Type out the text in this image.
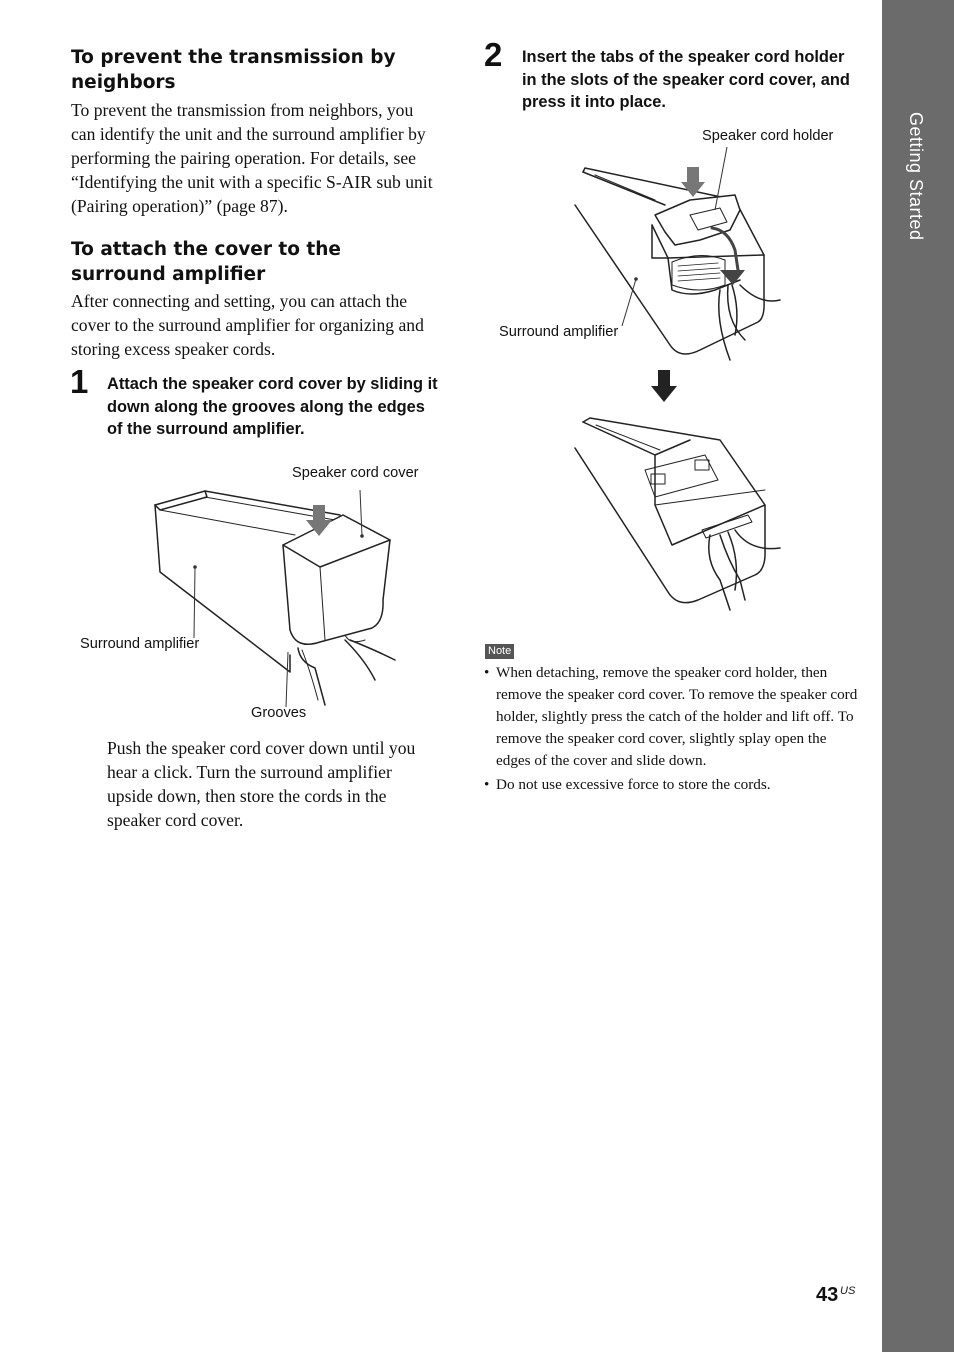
Getting Started
To prevent the transmission by neighbors

To prevent the transmission from neighbors, you can identify the unit and the surround amplifier by performing the pairing operation. For details, see “Identifying the unit with a specific S-AIR sub unit (Pairing operation)” (page 87).

To attach the cover to the surround amplifier

After connecting and setting, you can attach the cover to the surround amplifier for organizing and storing excess speaker cords.

1 Attach the speaker cord cover by sliding it down along the grooves along the edges of the surround amplifier.

Speaker cord cover
Surround amplifier
Grooves

Push the speaker cord cover down until you hear a click. Turn the surround amplifier upside down, then store the cords in the speaker cord cover.

2 Insert the tabs of the speaker cord holder in the slots of the speaker cord cover, and press it into place.

Speaker cord holder
Surround amplifier
Note
• When detaching, remove the speaker cord holder, then remove the speaker cord cover. To remove the speaker cord holder, slightly press the catch of the holder and lift off. To remove the speaker cord cover, slightly splay open the edges of the cover and slide down.
• Do not use excessive force to store the cords.
43 US
